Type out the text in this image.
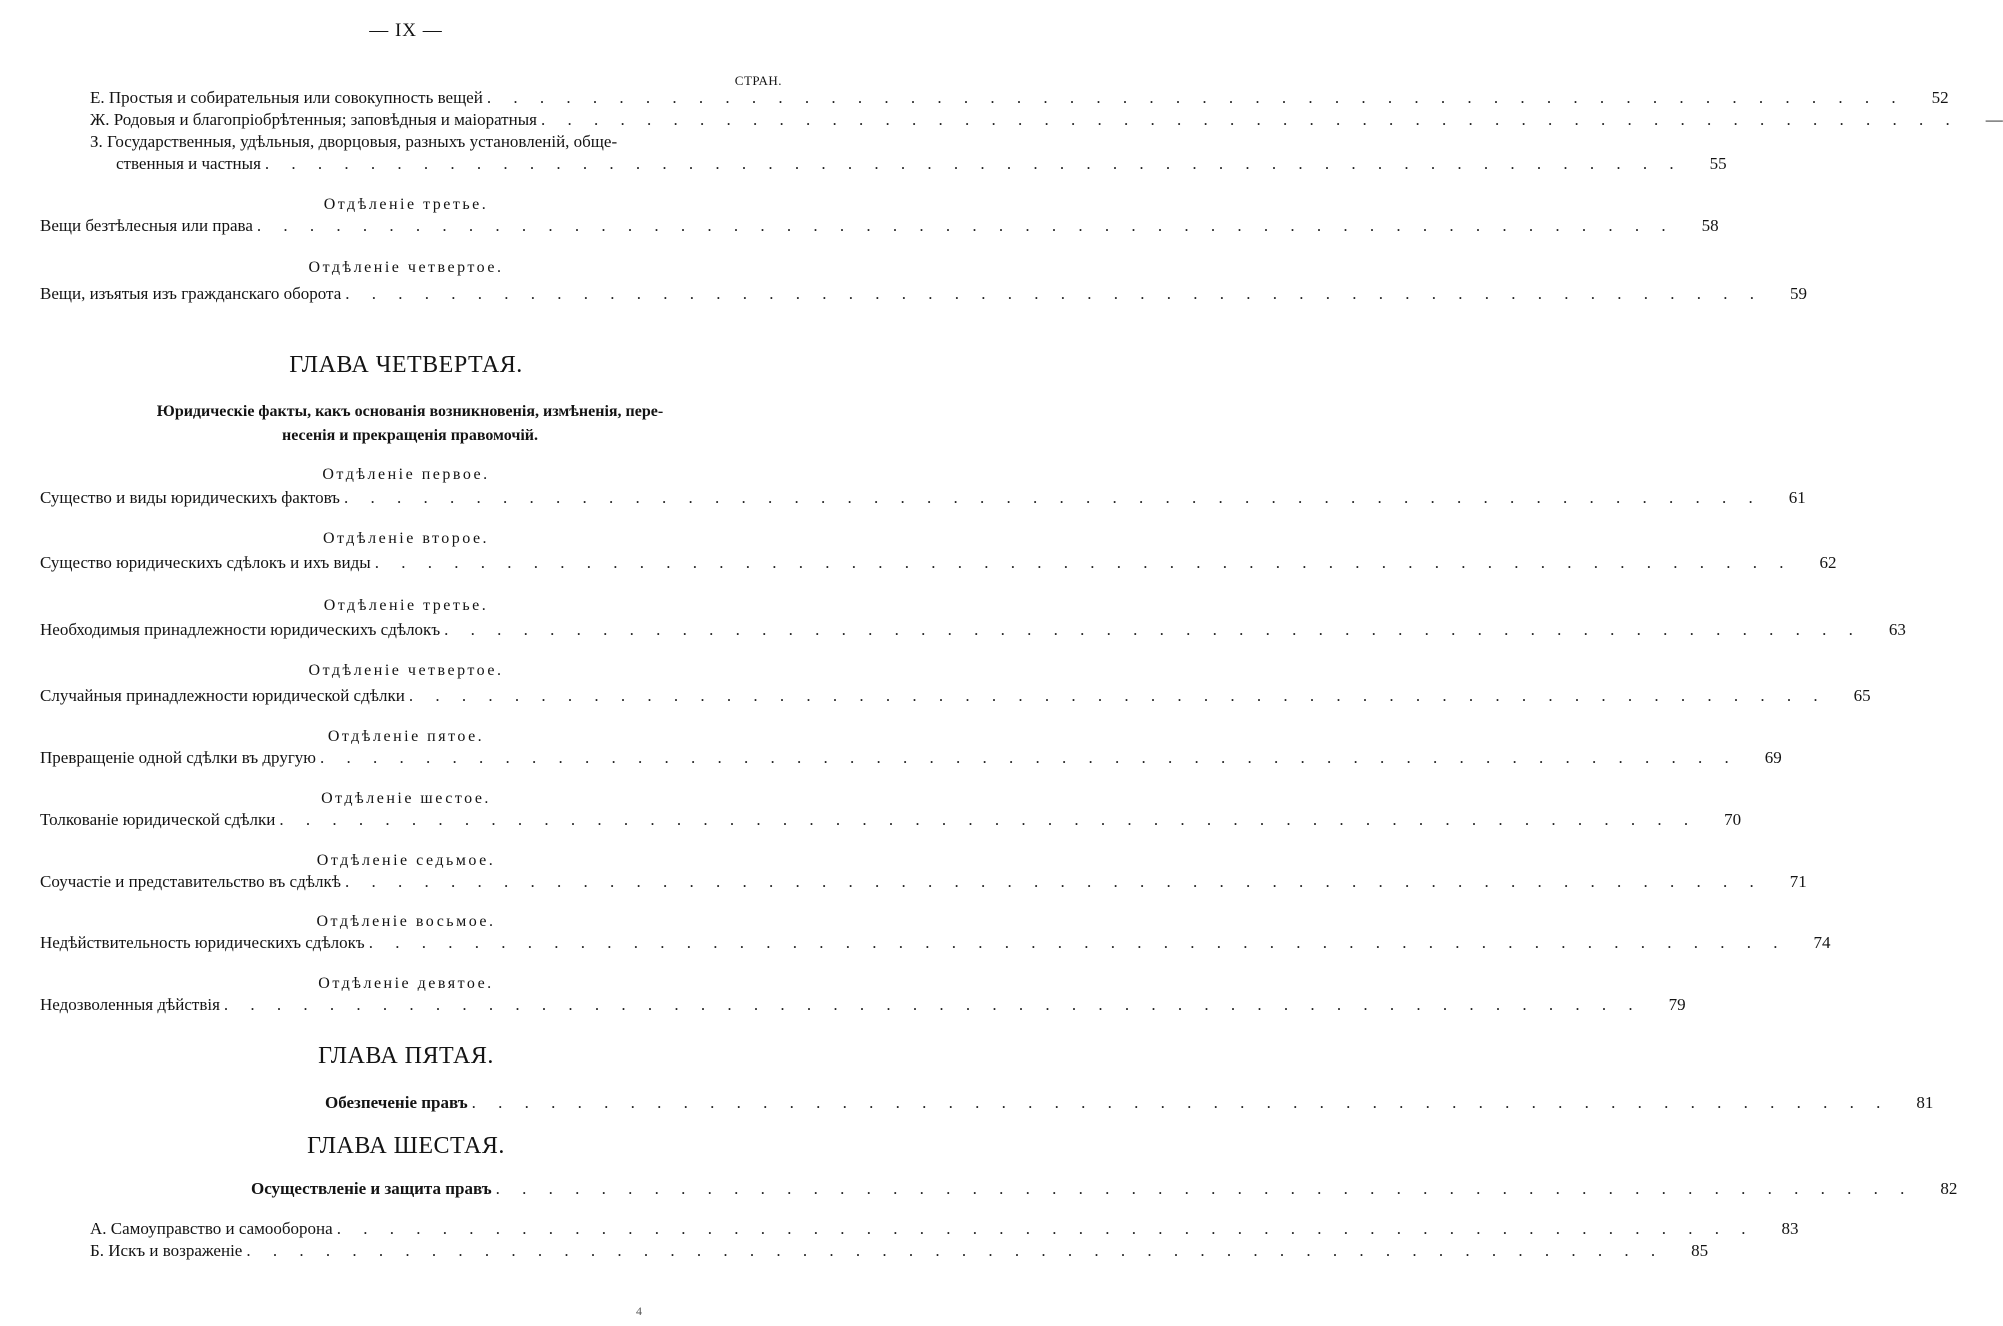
— IX —
СТРАН.
Е. Простыя и собирательныя или совокупность вещей . . . . . . . . . . . . . . . . . . . . . . . . . . . . . . . . . . . . . . . . . . . . . . . . . . . . . .	52
Ж. Родовыя и благопріобрѣтенныя; заповѣдныя и маіоратныя . . . . . . . . . . . . . . . . . . . . . . . . . . . . . . . . . . . . . . . . . . . . . . . . . . . . . .	—
З. Государственныя, удѣльныя, дворцовыя, разныхъ установленій, обще-
ственныя и частныя . . . . . . . . . . . . . . . . . . . . . . . . . . . . . . . . . . . . . . . . . . . . . . . . . . . . . .	55
Отдѣленіе третье.
Вещи безтѣлесныя или права . . . . . . . . . . . . . . . . . . . . . . . . . . . . . . . . . . . . . . . . . . . . . . . . . . . . . .	58
Отдѣленіе четвертое.
Вещи, изъятыя изъ гражданскаго оборота . . . . . . . . . . . . . . . . . . . . . . . . . . . . . . . . . . . . . . . . . . . . . . . . . . . . . .	59
ГЛАВА ЧЕТВЕРТАЯ.
Юридическіе факты, какъ основанія возникновенія, измѣненія, пере-
несенія и прекращенія правомочій.
Отдѣленіе первое.
Существо и виды юридическихъ фактовъ . . . . . . . . . . . . . . . . . . . . . . . . . . . . . . . . . . . . . . . . . . . . . . . . . . . . . .	61
Отдѣленіе второе.
Существо юридическихъ сдѣлокъ и ихъ виды . . . . . . . . . . . . . . . . . . . . . . . . . . . . . . . . . . . . . . . . . . . . . . . . . . . . . .	62
Отдѣленіе третье.
Необходимыя принадлежности юридическихъ сдѣлокъ . . . . . . . . . . . . . . . . . . . . . . . . . . . . . . . . . . . . . . . . . . . . . . . . . . . . . .	63
Отдѣленіе четвертое.
Случайныя принадлежности юридической сдѣлки . . . . . . . . . . . . . . . . . . . . . . . . . . . . . . . . . . . . . . . . . . . . . . . . . . . . . .	65
Отдѣленіе пятое.
Превращеніе одной сдѣлки въ другую . . . . . . . . . . . . . . . . . . . . . . . . . . . . . . . . . . . . . . . . . . . . . . . . . . . . . .	69
Отдѣленіе шестое.
Толкованіе юридической сдѣлки . . . . . . . . . . . . . . . . . . . . . . . . . . . . . . . . . . . . . . . . . . . . . . . . . . . . . .	70
Отдѣленіе седьмое.
Соучастіе и представительство въ сдѣлкѣ . . . . . . . . . . . . . . . . . . . . . . . . . . . . . . . . . . . . . . . . . . . . . . . . . . . . . .	71
Отдѣленіе восьмое.
Недѣйствительность юридическихъ сдѣлокъ . . . . . . . . . . . . . . . . . . . . . . . . . . . . . . . . . . . . . . . . . . . . . . . . . . . . . .	74
Отдѣленіе девятое.
Недозволенныя дѣйствія . . . . . . . . . . . . . . . . . . . . . . . . . . . . . . . . . . . . . . . . . . . . . . . . . . . . . .	79
ГЛАВА ПЯТАЯ.
Обезпеченіе правъ . . . . . . . . . . . . . . . . . . . . . . . . . . . . . . . . . . . . . . . . . . . . . . . . . . . . . .	81
ГЛАВА ШЕСТАЯ.
Осуществленіе и защита правъ . . . . . . . . . . . . . . . . . . . . . . . . . . . . . . . . . . . . . . . . . . . . . . . . . . . . . .	82
А. Самоуправство и самооборона . . . . . . . . . . . . . . . . . . . . . . . . . . . . . . . . . . . . . . . . . . . . . . . . . . . . . .	83
Б. Искъ и возраженіе . . . . . . . . . . . . . . . . . . . . . . . . . . . . . . . . . . . . . . . . . . . . . . . . . . . . . .	85
4
